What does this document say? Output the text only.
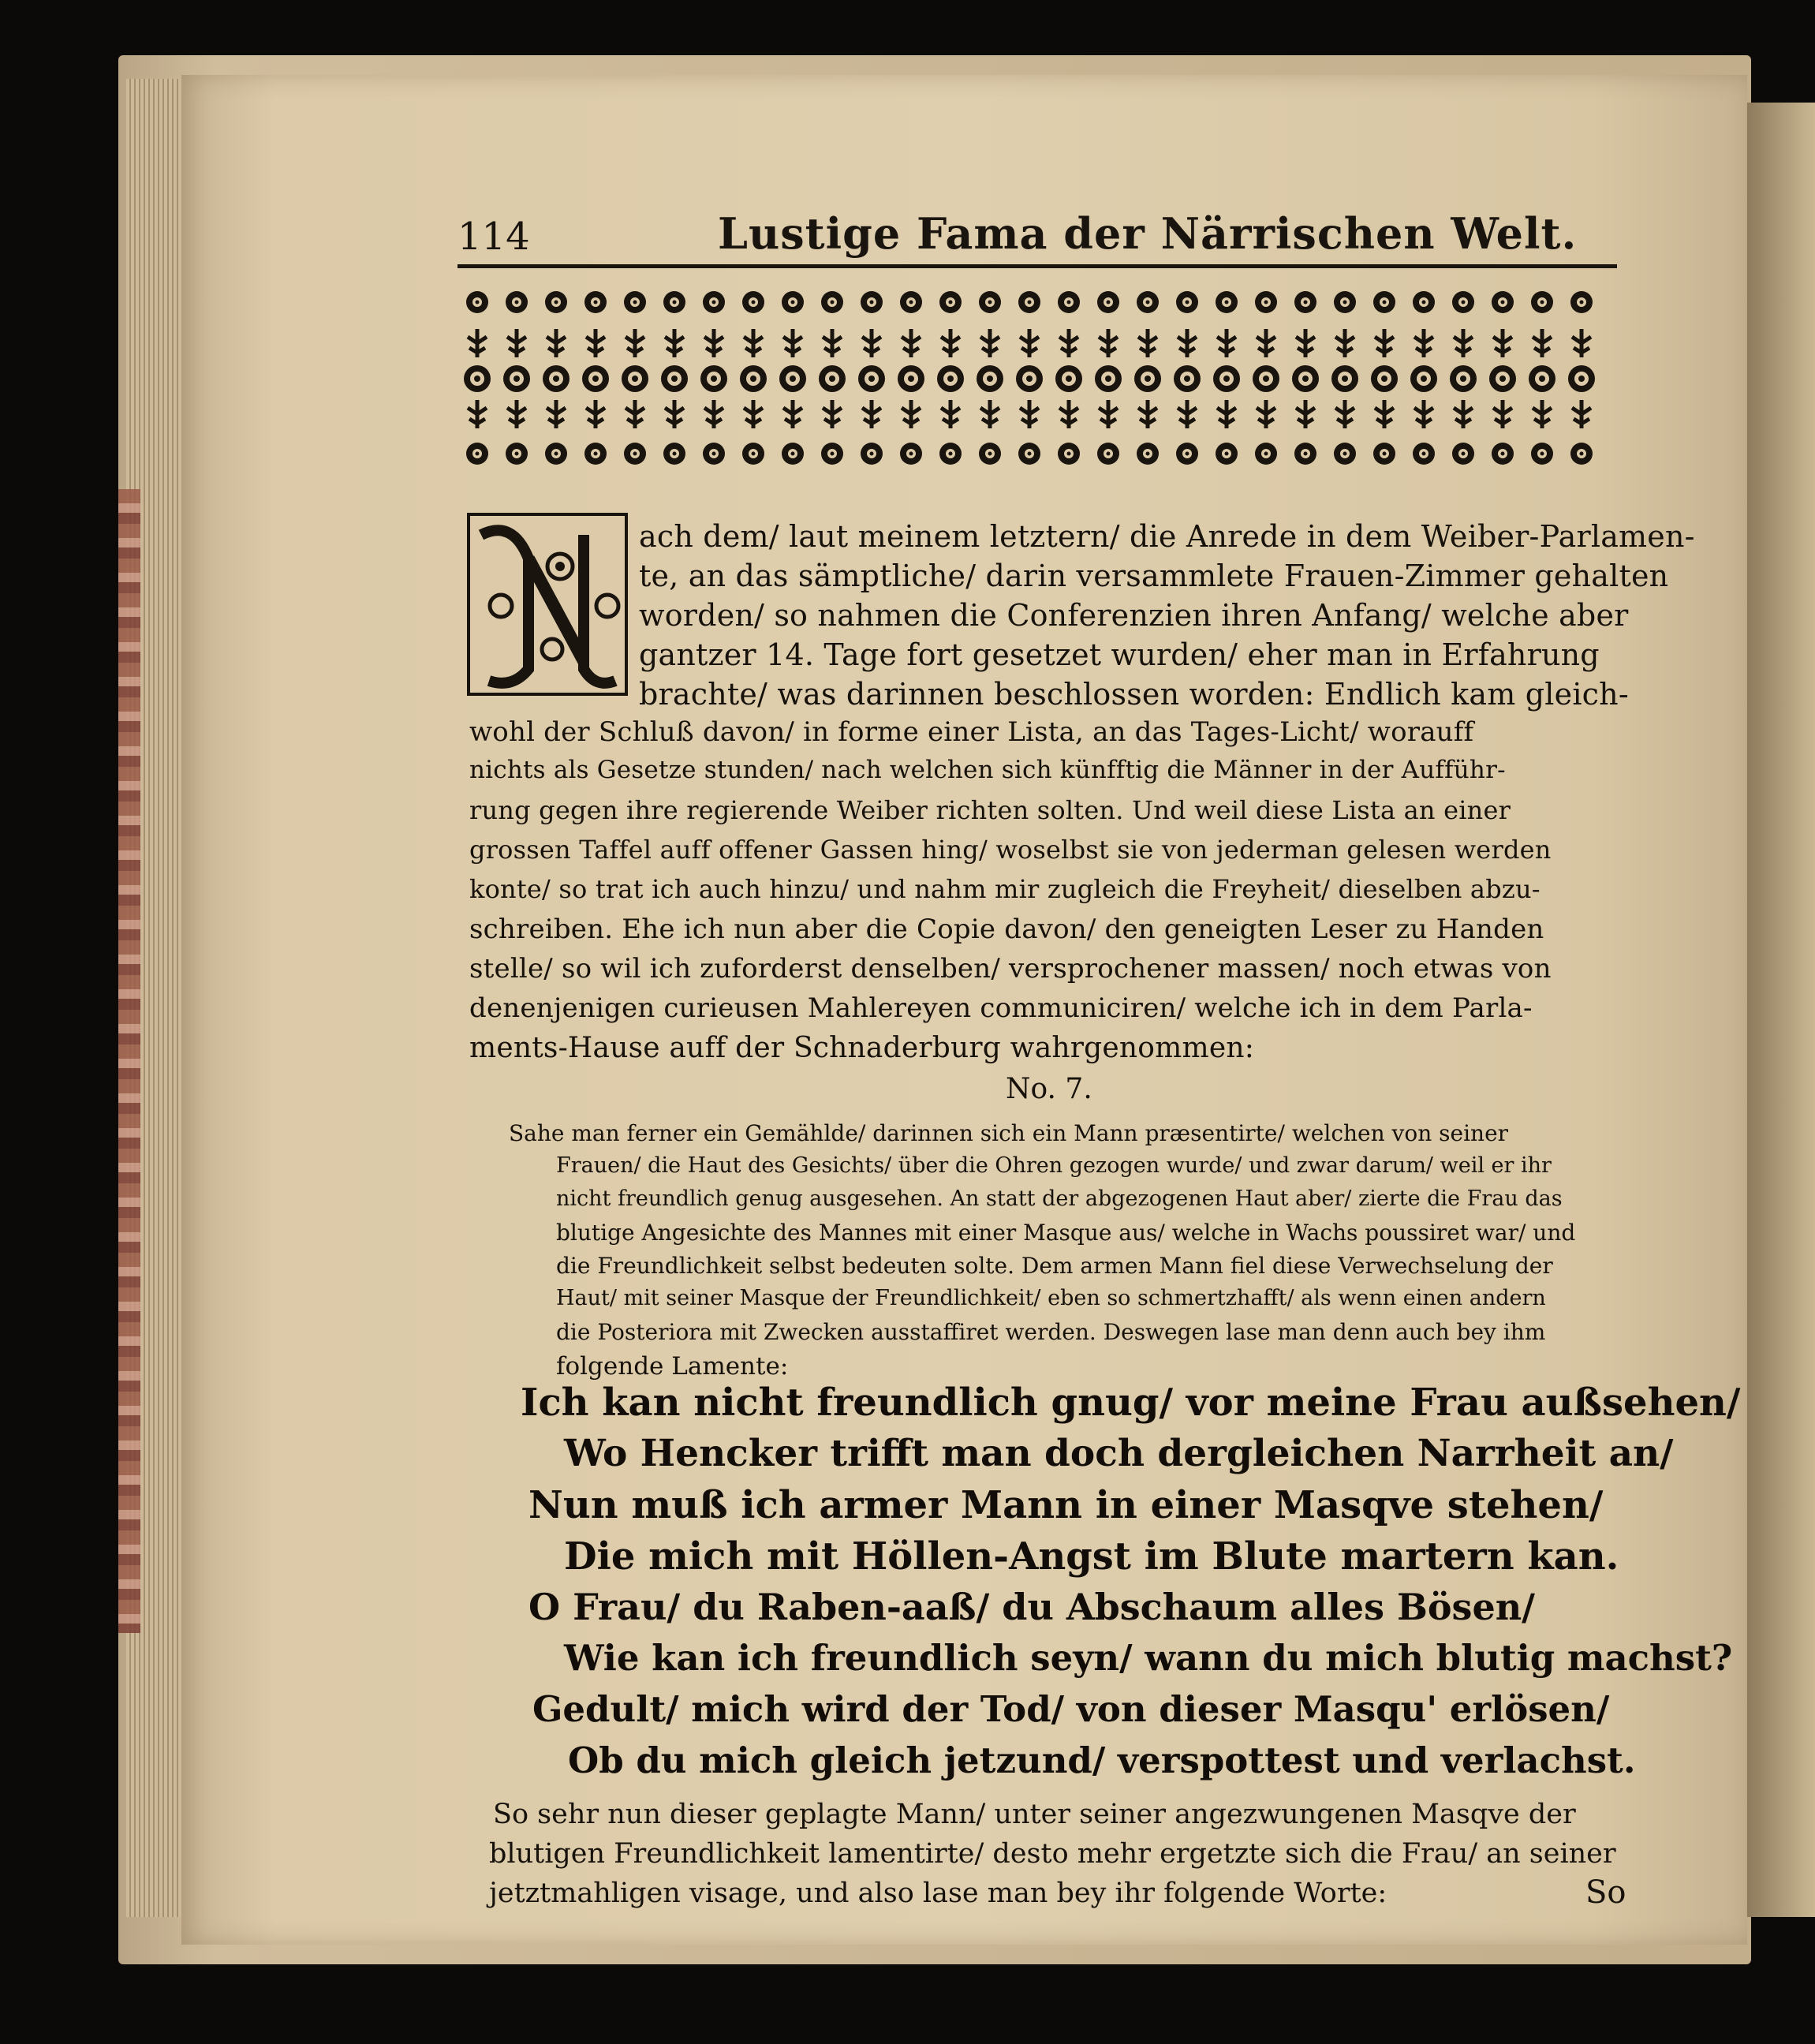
114	Lustige Fama der Närrischen Welt.
ach dem/ laut meinem letztern/ die Anrede in dem Weiber-Parlamen-
te, an das sämptliche/ darin versammlete Frauen-Zimmer gehalten
worden/ so nahmen die Conferenzien ihren Anfang/ welche aber
gantzer 14. Tage fort gesetzet wurden/ eher man in Erfahrung
brachte/ was darinnen beschlossen worden: Endlich kam gleich-
wohl der Schluß davon/ in forme einer Lista, an das Tages-Licht/ worauff
nichts als Gesetze stunden/ nach welchen sich künfftig die Männer in der Aufführ-
rung gegen ihre regierende Weiber richten solten. Und weil diese Lista an einer
grossen Taffel auff offener Gassen hing/ woselbst sie von jederman gelesen werden
konte/ so trat ich auch hinzu/ und nahm mir zugleich die Freyheit/ dieselben abzu-
schreiben. Ehe ich nun aber die Copie davon/ den geneigten Leser zu Handen
stelle/ so wil ich zuforderst denselben/ versprochener massen/ noch etwas von
denenjenigen curieusen Mahlereyen communiciren/ welche ich in dem Parla-
ments-Hause auff der Schnaderburg wahrgenommen:
No. 7.
Sahe man ferner ein Gemählde/ darinnen sich ein Mann præsentirte/ welchen von seiner
Frauen/ die Haut des Gesichts/ über die Ohren gezogen wurde/ und zwar darum/ weil er ihr
nicht freundlich genug ausgesehen. An statt der abgezogenen Haut aber/ zierte die Frau das
blutige Angesichte des Mannes mit einer Masque aus/ welche in Wachs poussiret war/ und
die Freundlichkeit selbst bedeuten solte. Dem armen Mann fiel diese Verwechselung der
Haut/ mit seiner Masque der Freundlichkeit/ eben so schmertzhafft/ als wenn einen andern
die Posteriora mit Zwecken ausstaffiret werden. Deswegen lase man denn auch bey ihm
folgende Lamente:
Ich kan nicht freundlich gnug/ vor meine Frau außsehen/
Wo Hencker trifft man doch dergleichen Narrheit an/
Nun muß ich armer Mann in einer Masqve stehen/
Die mich mit Höllen-Angst im Blute martern kan.
O Frau/ du Raben-aaß/ du Abschaum alles Bösen/
Wie kan ich freundlich seyn/ wann du mich blutig machst?
Gedult/ mich wird der Tod/ von dieser Masqu' erlösen/
Ob du mich gleich jetzund/ verspottest und verlachst.
So sehr nun dieser geplagte Mann/ unter seiner angezwungenen Masqve der
blutigen Freundlichkeit lamentirte/ desto mehr ergetzte sich die Frau/ an seiner
jetztmahligen visage, und also lase man bey ihr folgende Worte:	So
